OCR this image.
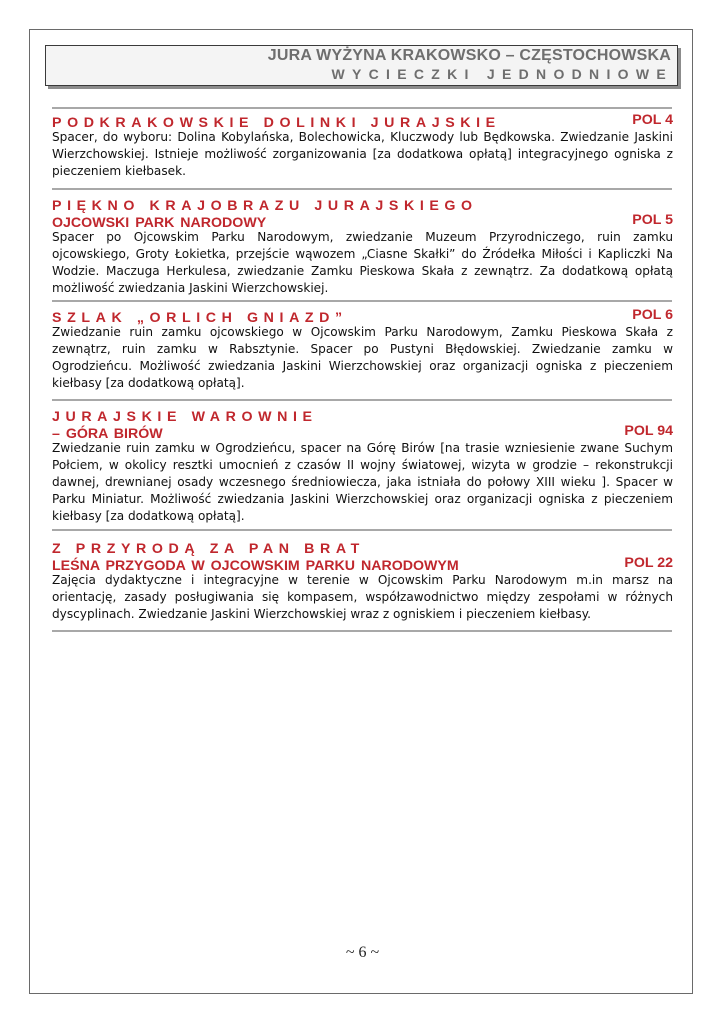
JURA WYŻYNA KRAKOWSKO – CZĘSTOCHOWSKA
WYCIECZKI JEDNODNIOWE
PODKRAKOWSKIE DOLINKI JURAJSKIE	POL 4

Spacer, do wyboru: Dolina Kobylańska, Bolechowicka, Kluczwody lub Będkowska. Zwiedzanie Jaskini Wierzchowskiej. Istnieje możliwość zorganizowania [za dodatkowa opłatą] integracyjnego ogniska z pieczeniem kiełbasek.

PIĘKNO KRAJOBRAZU JURAJSKIEGO
OJCOWSKI PARK NARODOWY	POL 5

Spacer po Ojcowskim Parku Narodowym, zwiedzanie Muzeum Przyrodniczego, ruin zamku ojcowskiego, Groty Łokietka, przejście wąwozem „Ciasne Skałki” do Źródełka Miłości i Kapliczki Na Wodzie. Maczuga Herkulesa, zwiedzanie Zamku Pieskowa Skała z zewnątrz. Za dodatkową opłatą możliwość zwiedzania Jaskini Wierzchowskiej.

SZLAK „ORLICH GNIAZD”	POL 6

Zwiedzanie ruin zamku ojcowskiego w Ojcowskim Parku Narodowym, Zamku Pieskowa Skała z zewnątrz, ruin zamku w Rabsztynie. Spacer po Pustyni Błędowskiej. Zwiedzanie zamku w Ogrodzieńcu. Możliwość zwiedzania Jaskini Wierzchowskiej oraz organizacji ogniska z pieczeniem kiełbasy [za dodatkową opłatą].

JURAJSKIE WAROWNIE
– GÓRA BIRÓW	POL 94

Zwiedzanie ruin zamku w Ogrodzieńcu, spacer na Górę Birów [na trasie wzniesienie zwane Suchym Połciem, w okolicy resztki umocnień z czasów II wojny światowej, wizyta w grodzie – rekonstrukcji dawnej, drewnianej osady wczesnego średniowiecza, jaka istniała do połowy XIII wieku ]. Spacer w Parku Miniatur. Możliwość zwiedzania Jaskini Wierzchowskiej oraz organizacji ogniska z pieczeniem kiełbasy [za dodatkową opłatą].

Z PRZYRODĄ ZA PAN BRAT
LEŚNA PRZYGODA W OJCOWSKIM PARKU NARODOWYM	POL 22

Zajęcia dydaktyczne i integracyjne w terenie w Ojcowskim Parku Narodowym m.in marsz na orientację, zasady posługiwania się kompasem, współzawodnictwo między zespołami w różnych dyscyplinach. Zwiedzanie Jaskini Wierzchowskiej wraz z ogniskiem i pieczeniem kiełbasy.

~ 6 ~
